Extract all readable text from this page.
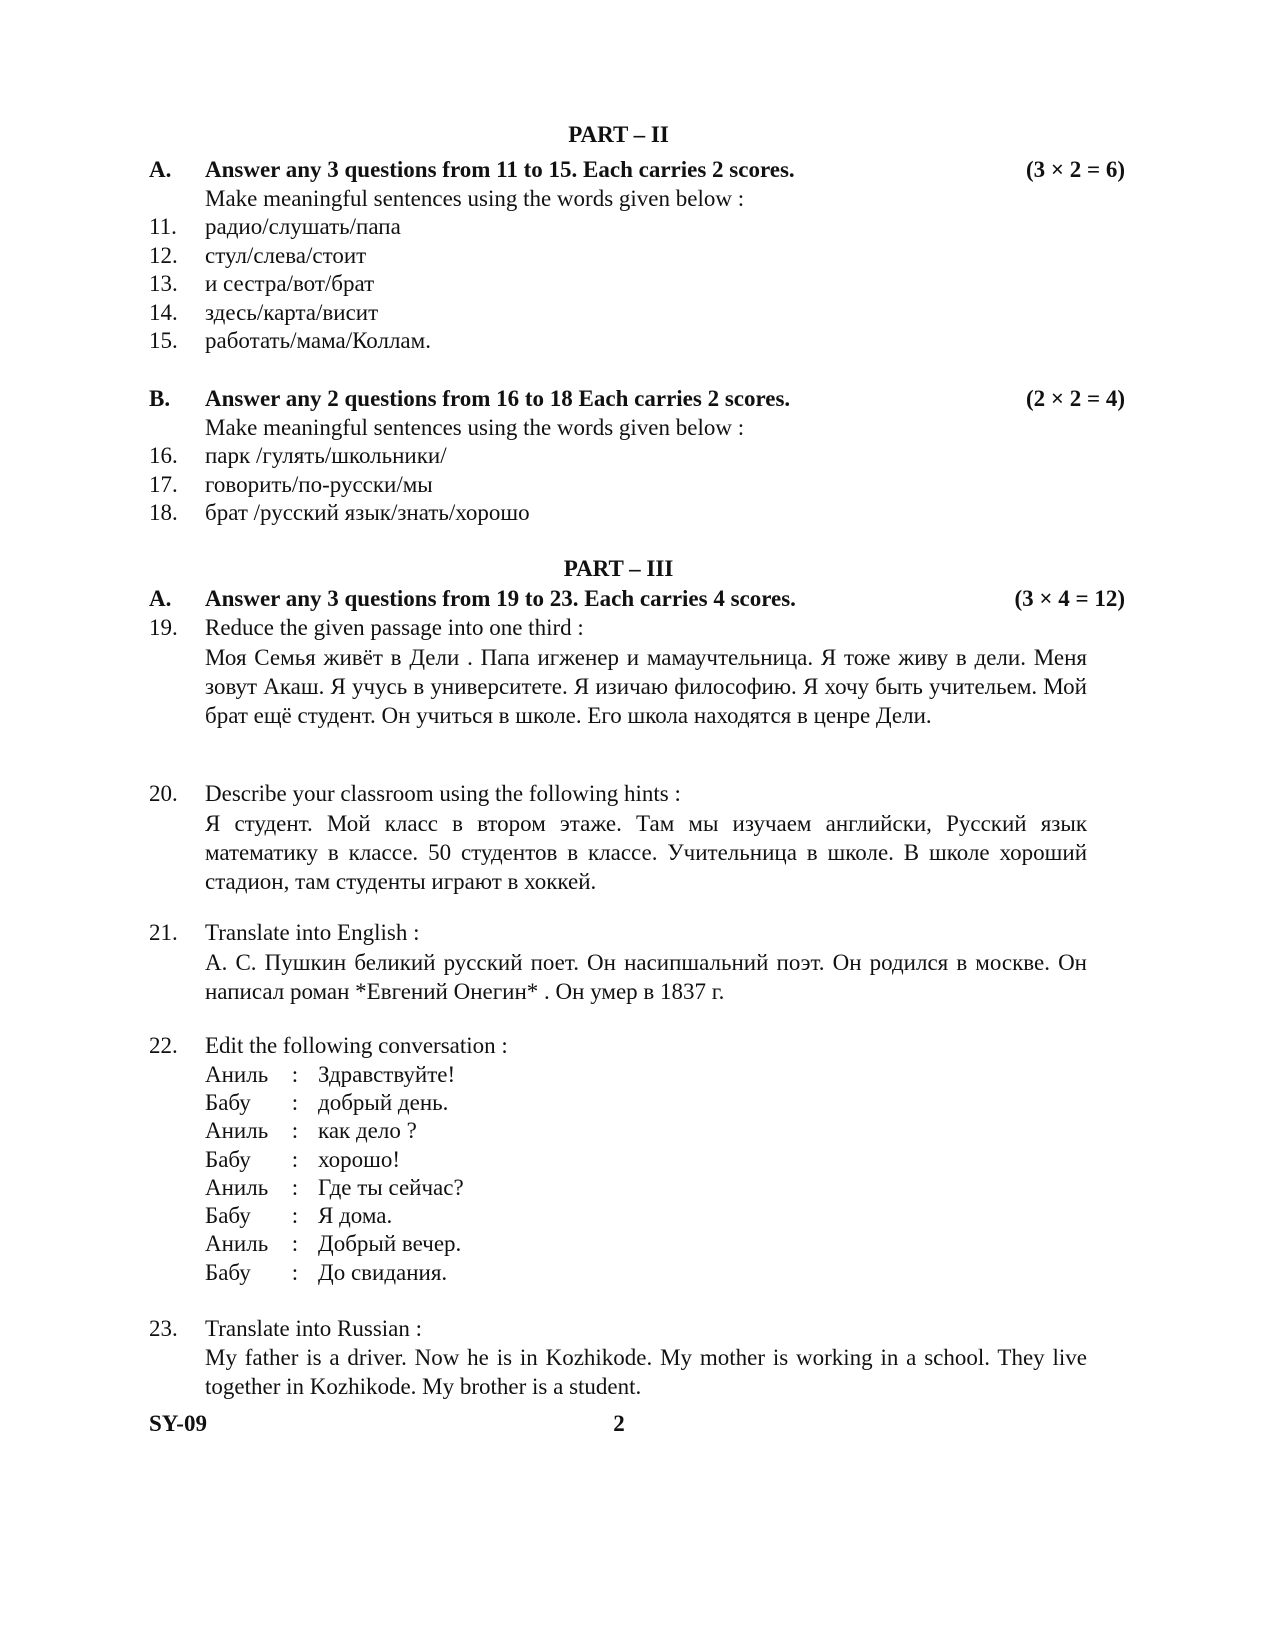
PART – II
A.	Answer any 3 questions from 11 to 15. Each carries 2 scores.	(3 × 2 = 6)
Make meaningful sentences using the words given below :
11.	радио/слушать/папа
12.	стул/слева/стоит
13.	и сестра/вот/брат
14.	здесь/карта/висит
15.	работать/мама/Коллам.
B.	Answer any 2 questions from 16 to 18 Each carries 2 scores.	(2 × 2 = 4)
Make meaningful sentences using the words given below :
16.	парк /гулять/школьники/
17.	говорить/по-русски/мы
18.	брат /русский язык/знать/хорошо
PART – III
A.	Answer any 3 questions from 19 to 23. Each carries 4 scores.	(3 × 4 = 12)
19.	Reduce the given passage into one third :
Моя Семья живёт в Дели . Папа игженер и мамаучтельница. Я тоже живу в дели. Меня зовут Акаш. Я учусь в университете. Я изичаю философию. Я хочу быть учительем. Мой брат ещё студент. Он учиться в школе. Его школа находятся в ценре Дели.
20.	Describe your classroom using the following hints :
Я студент. Мой класс в втором этаже. Там мы изучаем английски, Русский язык математику в классе. 50 студентов в классе. Учительница в школе. В школе хороший стадион, там студенты играют в хоккей.
21.	Translate into English :
А. С. Пушкин беликий русский поет. Он нacипшальний поэт. Он родился в москве. Он написал роман *Евгений Онегин* . Он умер в 1837 г.
22.	Edit the following conversation :
Аниль	: Здравствуйте!
Бабу	: добрый день.
Аниль	: как дело ?
Бабу	: хорошо!
Аниль	: Где ты сейчас?
Бабу	: Я дома.
Аниль	: Добрый вечер.
Бабу	: До свидания.
23.	Translate into Russian :
My father is a driver. Now he is in Kozhikode. My mother is working in a school. They live together in Kozhikode. My brother is a student.
SY-09	2
